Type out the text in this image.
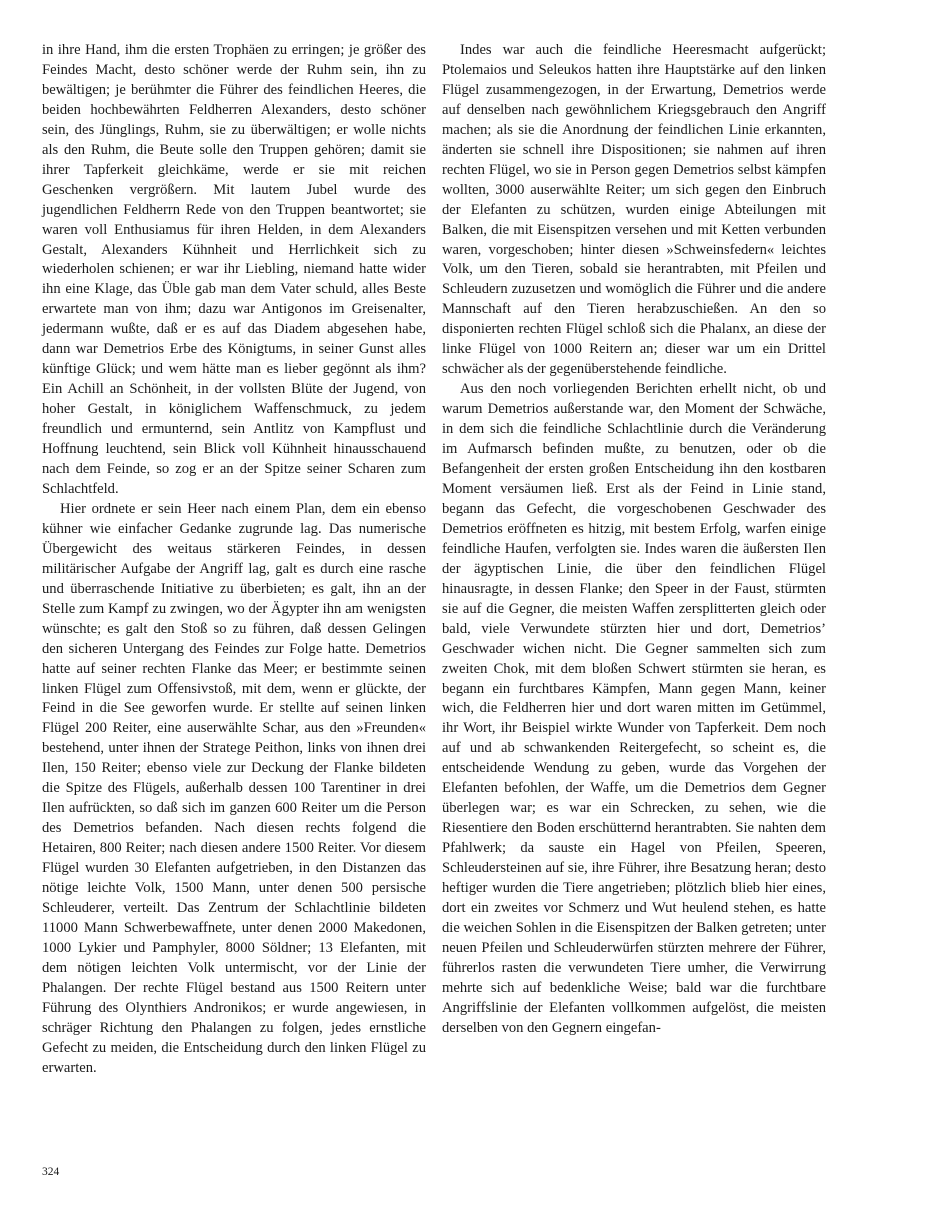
in ihre Hand, ihm die ersten Trophäen zu erringen; je größer des Feindes Macht, desto schöner werde der Ruhm sein, ihn zu bewältigen; je berühmter die Führer des feindlichen Heeres, die beiden hochbewährten Feldherren Alexanders, desto schöner sein, des Jünglings, Ruhm, sie zu überwältigen; er wolle nichts als den Ruhm, die Beute solle den Truppen gehören; damit sie ihrer Tapferkeit gleichkäme, werde er sie mit reichen Geschenken vergrößern. Mit lautem Jubel wurde des jugendlichen Feldherrn Rede von den Truppen beantwortet; sie waren voll Enthusiamus für ihren Helden, in dem Alexanders Gestalt, Alexanders Kühnheit und Herrlichkeit sich zu wiederholen schienen; er war ihr Liebling, niemand hatte wider ihn eine Klage, das Üble gab man dem Vater schuld, alles Beste erwartete man von ihm; dazu war Antigonos im Greisenalter, jedermann wußte, daß er es auf das Diadem abgesehen habe, dann war Demetrios Erbe des Königtums, in seiner Gunst alles künftige Glück; und wem hätte man es lieber gegönnt als ihm? Ein Achill an Schönheit, in der vollsten Blüte der Jugend, von hoher Gestalt, in königlichem Waffenschmuck, zu jedem freundlich und ermunternd, sein Antlitz von Kampflust und Hoffnung leuchtend, sein Blick voll Kühnheit hinausschauend nach dem Feinde, so zog er an der Spitze seiner Scharen zum Schlachtfeld.

Hier ordnete er sein Heer nach einem Plan, dem ein ebenso kühner wie einfacher Gedanke zugrunde lag. Das numerische Übergewicht des weitaus stärkeren Feindes, in dessen militärischer Aufgabe der Angriff lag, galt es durch eine rasche und überraschende Initiative zu überbieten; es galt, ihn an der Stelle zum Kampf zu zwingen, wo der Ägypter ihn am wenigsten wünschte; es galt den Stoß so zu führen, daß dessen Gelingen den sicheren Untergang des Feindes zur Folge hatte. Demetrios hatte auf seiner rechten Flanke das Meer; er bestimmte seinen linken Flügel zum Offensivstoß, mit dem, wenn er glückte, der Feind in die See geworfen wurde. Er stellte auf seinen linken Flügel 200 Reiter, eine auserwählte Schar, aus den »Freunden« bestehend, unter ihnen der Stratege Peithon, links von ihnen drei Ilen, 150 Reiter; ebenso viele zur Deckung der Flanke bildeten die Spitze des Flügels, außerhalb dessen 100 Tarentiner in drei Ilen aufrückten, so daß sich im ganzen 600 Reiter um die Person des Demetrios befanden. Nach diesen rechts folgend die Hetairen, 800 Reiter; nach diesen andere 1500 Reiter. Vor diesem Flügel wurden 30 Elefanten aufgetrieben, in den Distanzen das nötige leichte Volk, 1500 Mann, unter denen 500 persische Schleuderer, verteilt. Das Zentrum der Schlachtlinie bildeten 11000 Mann Schwerbewaffnete, unter denen 2000 Makedonen, 1000 Lykier und Pamphyler, 8000 Söldner; 13 Elefanten, mit dem nötigen leichten Volk untermischt, vor der Linie der Phalangen. Der rechte Flügel bestand aus 1500 Reitern unter Führung des Olynthiers Andronikos; er wurde angewiesen, in schräger Richtung den Phalangen zu folgen, jedes ernstliche Gefecht zu meiden, die Entscheidung durch den linken Flügel zu erwarten.

Indes war auch die feindliche Heeresmacht aufgerückt; Ptolemaios und Seleukos hatten ihre Hauptstärke auf den linken Flügel zusammengezogen, in der Erwartung, Demetrios werde auf denselben nach gewöhnlichem Kriegsgebrauch den Angriff machen; als sie die Anordnung der feindlichen Linie erkannten, änderten sie schnell ihre Dispositionen; sie nahmen auf ihren rechten Flügel, wo sie in Person gegen Demetrios selbst kämpfen wollten, 3000 auserwählte Reiter; um sich gegen den Einbruch der Elefanten zu schützen, wurden einige Abteilungen mit Balken, die mit Eisenspitzen versehen und mit Ketten verbunden waren, vorgeschoben; hinter diesen »Schweinsfedern« leichtes Volk, um den Tieren, sobald sie herantrabten, mit Pfeilen und Schleudern zuzusetzen und womöglich die Führer und die andere Mannschaft auf den Tieren herabzuschießen. An den so disponierten rechten Flügel schloß sich die Phalanx, an diese der linke Flügel von 1000 Reitern an; dieser war um ein Drittel schwächer als der gegenüberstehende feindliche.

Aus den noch vorliegenden Berichten erhellt nicht, ob und warum Demetrios außerstande war, den Moment der Schwäche, in dem sich die feindliche Schlachtlinie durch die Veränderung im Aufmarsch befinden mußte, zu benutzen, oder ob die Befangenheit der ersten großen Entscheidung ihn den kostbaren Moment versäumen ließ. Erst als der Feind in Linie stand, begann das Gefecht, die vorgeschobenen Geschwader des Demetrios eröffneten es hitzig, mit bestem Erfolg, warfen einige feindliche Haufen, verfolgten sie. Indes waren die äußersten Ilen der ägyptischen Linie, die über den feindlichen Flügel hinausragte, in dessen Flanke; den Speer in der Faust, stürmten sie auf die Gegner, die meisten Waffen zersplitterten gleich oder bald, viele Verwundete stürzten hier und dort, Demetrios’ Geschwader wichen nicht. Die Gegner sammelten sich zum zweiten Chok, mit dem bloßen Schwert stürmten sie heran, es begann ein furchtbares Kämpfen, Mann gegen Mann, keiner wich, die Feldherren hier und dort waren mitten im Getümmel, ihr Wort, ihr Beispiel wirkte Wunder von Tapferkeit. Dem noch auf und ab schwankenden Reitergefecht, so scheint es, die entscheidende Wendung zu geben, wurde das Vorgehen der Elefanten befohlen, der Waffe, um die Demetrios dem Gegner überlegen war; es war ein Schrecken, zu sehen, wie die Riesentiere den Boden erschütternd herantrabten. Sie nahten dem Pfahlwerk; da sauste ein Hagel von Pfeilen, Speeren, Schleudersteinen auf sie, ihre Führer, ihre Besatzung heran; desto heftiger wurden die Tiere angetrieben; plötzlich blieb hier eines, dort ein zweites vor Schmerz und Wut heulend stehen, es hatte die weichen Sohlen in die Eisenspitzen der Balken getreten; unter neuen Pfeilen und Schleuderwürfen stürzten mehrere der Führer, führerlos rasten die verwundeten Tiere umher, die Verwirrung mehrte sich auf bedenkliche Weise; bald war die furchtbare Angriffslinie der Elefanten vollkommen aufgelöst, die meisten derselben von den Gegnern eingefan-

324
